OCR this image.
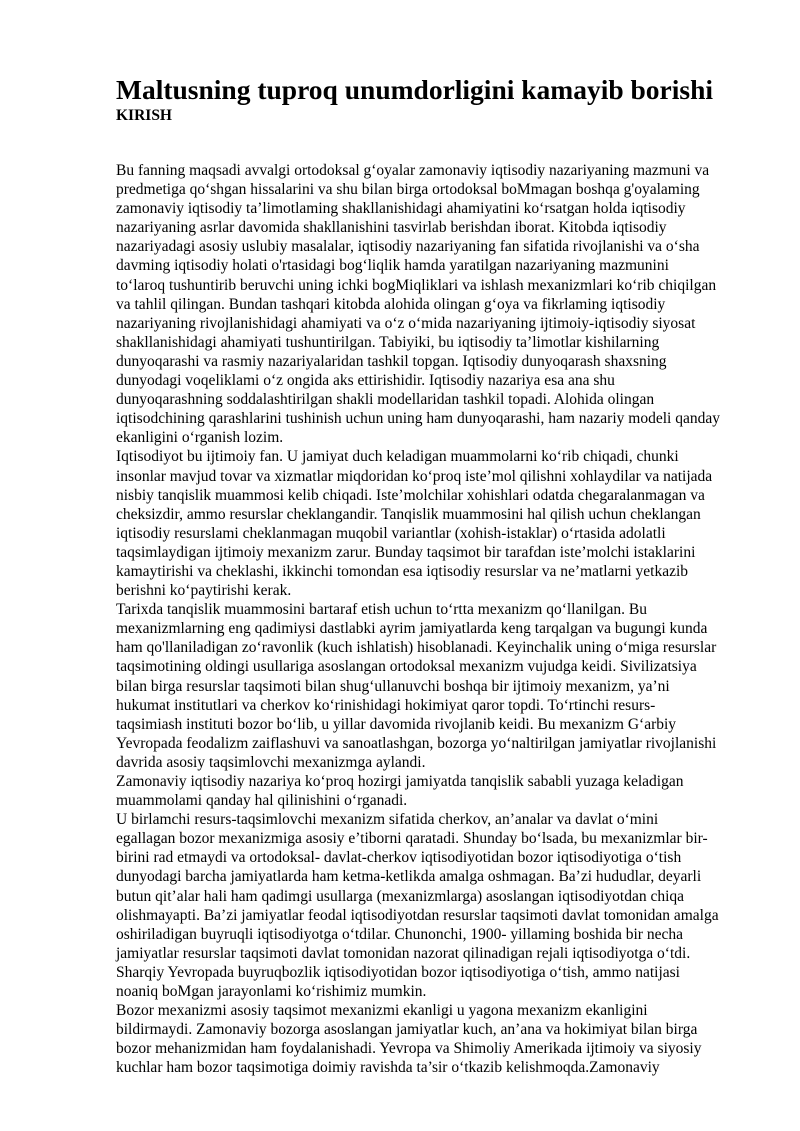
Maltusning tuproq unumdorligini kamayib borishi
KIRISH

Bu fanning maqsadi avvalgi ortodoksal g‘oyalar zamonaviy iqtisodiy nazariyaning mazmuni va
predmetiga qo‘shgan hissalarini va shu bilan birga ortodoksal boMmagan boshqa g'oyalaming
zamonaviy iqtisodiy ta’limotlaming shakllanishidagi ahamiyatini ko‘rsatgan holda iqtisodiy
nazariyaning asrlar davomida shakllanishini tasvirlab berishdan iborat. Kitobda iqtisodiy
nazariyadagi asosiy uslubiy masalalar, iqtisodiy nazariyaning fan sifatida rivojlanishi va o‘sha
davming iqtisodiy holati o'rtasidagi bog‘liqlik hamda yaratilgan nazariyaning mazmunini
to‘laroq tushuntirib beruvchi uning ichki bogMiqliklari va ishlash mexanizmlari ko‘rib chiqilgan
va tahlil qilingan. Bundan tashqari kitobda alohida olingan g‘oya va fikrlaming iqtisodiy
nazariyaning rivojlanishidagi ahamiyati va o‘z o‘mida nazariyaning ijtimoiy-iqtisodiy siyosat
shakllanishidagi ahamiyati tushuntirilgan. Tabiyiki, bu iqtisodiy ta’limotlar kishilarning
dunyoqarashi va rasmiy nazariyalaridan tashkil topgan. Iqtisodiy dunyoqarash shaxsning
dunyodagi voqeliklami o‘z ongida aks ettirishidir. Iqtisodiy nazariya esa ana shu
dunyoqarashning soddalashtirilgan shakli modellaridan tashkil topadi. Alohida olingan
iqtisodchining qarashlarini tushinish uchun uning ham dunyoqarashi, ham nazariy modeli qanday
ekanligini o‘rganish lozim.

Iqtisodiyot bu ijtimoiy fan. U jamiyat duch keladigan muammolarni ko‘rib chiqadi, chunki
insonlar mavjud tovar va xizmatlar miqdoridan ko‘proq iste’mol qilishni xohlaydilar va natijada
nisbiy tanqislik muammosi kelib chiqadi. Iste’molchilar xohishlari odatda chegaralanmagan va
cheksizdir, ammo resurslar cheklangandir. Tanqislik muammosini hal qilish uchun cheklangan
iqtisodiy resurslami cheklanmagan muqobil variantlar (xohish-istaklar) o‘rtasida adolatli
taqsimlaydigan ijtimoiy mexanizm zarur. Bunday taqsimot bir tarafdan iste’molchi istaklarini
kamaytirishi va cheklashi, ikkinchi tomondan esa iqtisodiy resurslar va ne’matlarni yetkazib
berishni ko‘paytirishi kerak.

Tarixda tanqislik muammosini bartaraf etish uchun to‘rtta mexanizm qo‘llanilgan. Bu
mexanizmlarning eng qadimiysi dastlabki ayrim jamiyatlarda keng tarqalgan va bugungi kunda
ham qo'llaniladigan zo‘ravonlik (kuch ishlatish) hisoblanadi. Keyinchalik uning o‘miga resurslar
taqsimotining oldingi usullariga asoslangan ortodoksal mexanizm vujudga keidi. Sivilizatsiya
bilan birga resurslar taqsimoti bilan shug‘ullanuvchi boshqa bir ijtimoiy mexanizm, ya’ni
hukumat institutlari va cherkov ko‘rinishidagi hokimiyat qaror topdi. To‘rtinchi resurs-
taqsimiash instituti bozor bo‘lib, u yillar davomida rivojlanib keidi. Bu mexanizm G‘arbiy
Yevropada feodalizm zaiflashuvi va sanoatlashgan, bozorga yo‘naltirilgan jamiyatlar rivojlanishi
davrida asosiy taqsimlovchi mexanizmga aylandi.

Zamonaviy iqtisodiy nazariya ko‘proq hozirgi jamiyatda tanqislik sababli yuzaga keladigan
muammolami qanday hal qilinishini o‘rganadi.

U birlamchi resurs-taqsimlovchi mexanizm sifatida cherkov, an’analar va davlat o‘mini
egallagan bozor mexanizmiga asosiy e’tiborni qaratadi. Shunday bo‘lsada, bu mexanizmlar bir-
birini rad etmaydi va ortodoksal- davlat-cherkov iqtisodiyotidan bozor iqtisodiyotiga o‘tish
dunyodagi barcha jamiyatlarda ham ketma-ketlikda amalga oshmagan. Ba’zi hududlar, deyarli
butun qit’alar hali ham qadimgi usullarga (mexanizmlarga) asoslangan iqtisodiyotdan chiqa
olishmayapti. Ba’zi jamiyatlar feodal iqtisodiyotdan resurslar taqsimoti davlat tomonidan amalga
oshiriladigan buyruqli iqtisodiyotga o‘tdilar. Chunonchi, 1900- yillaming boshida bir necha
jamiyatlar resurslar taqsimoti davlat tomonidan nazorat qilinadigan rejali iqtisodiyotga o‘tdi.
Sharqiy Yevropada buyruqbozlik iqtisodiyotidan bozor iqtisodiyotiga o‘tish, ammo natijasi
noaniq boMgan jarayonlami ko‘rishimiz mumkin.

Bozor mexanizmi asosiy taqsimot mexanizmi ekanligi u yagona mexanizm ekanligini
bildirmaydi. Zamonaviy bozorga asoslangan jamiyatlar kuch, an’ana va hokimiyat bilan birga
bozor mehanizmidan ham foydalanishadi. Yevropa va Shimoliy Amerikada ijtimoiy va siyosiy
kuchlar ham bozor taqsimotiga doimiy ravishda ta’sir o‘tkazib kelishmoqda.Zamonaviy
